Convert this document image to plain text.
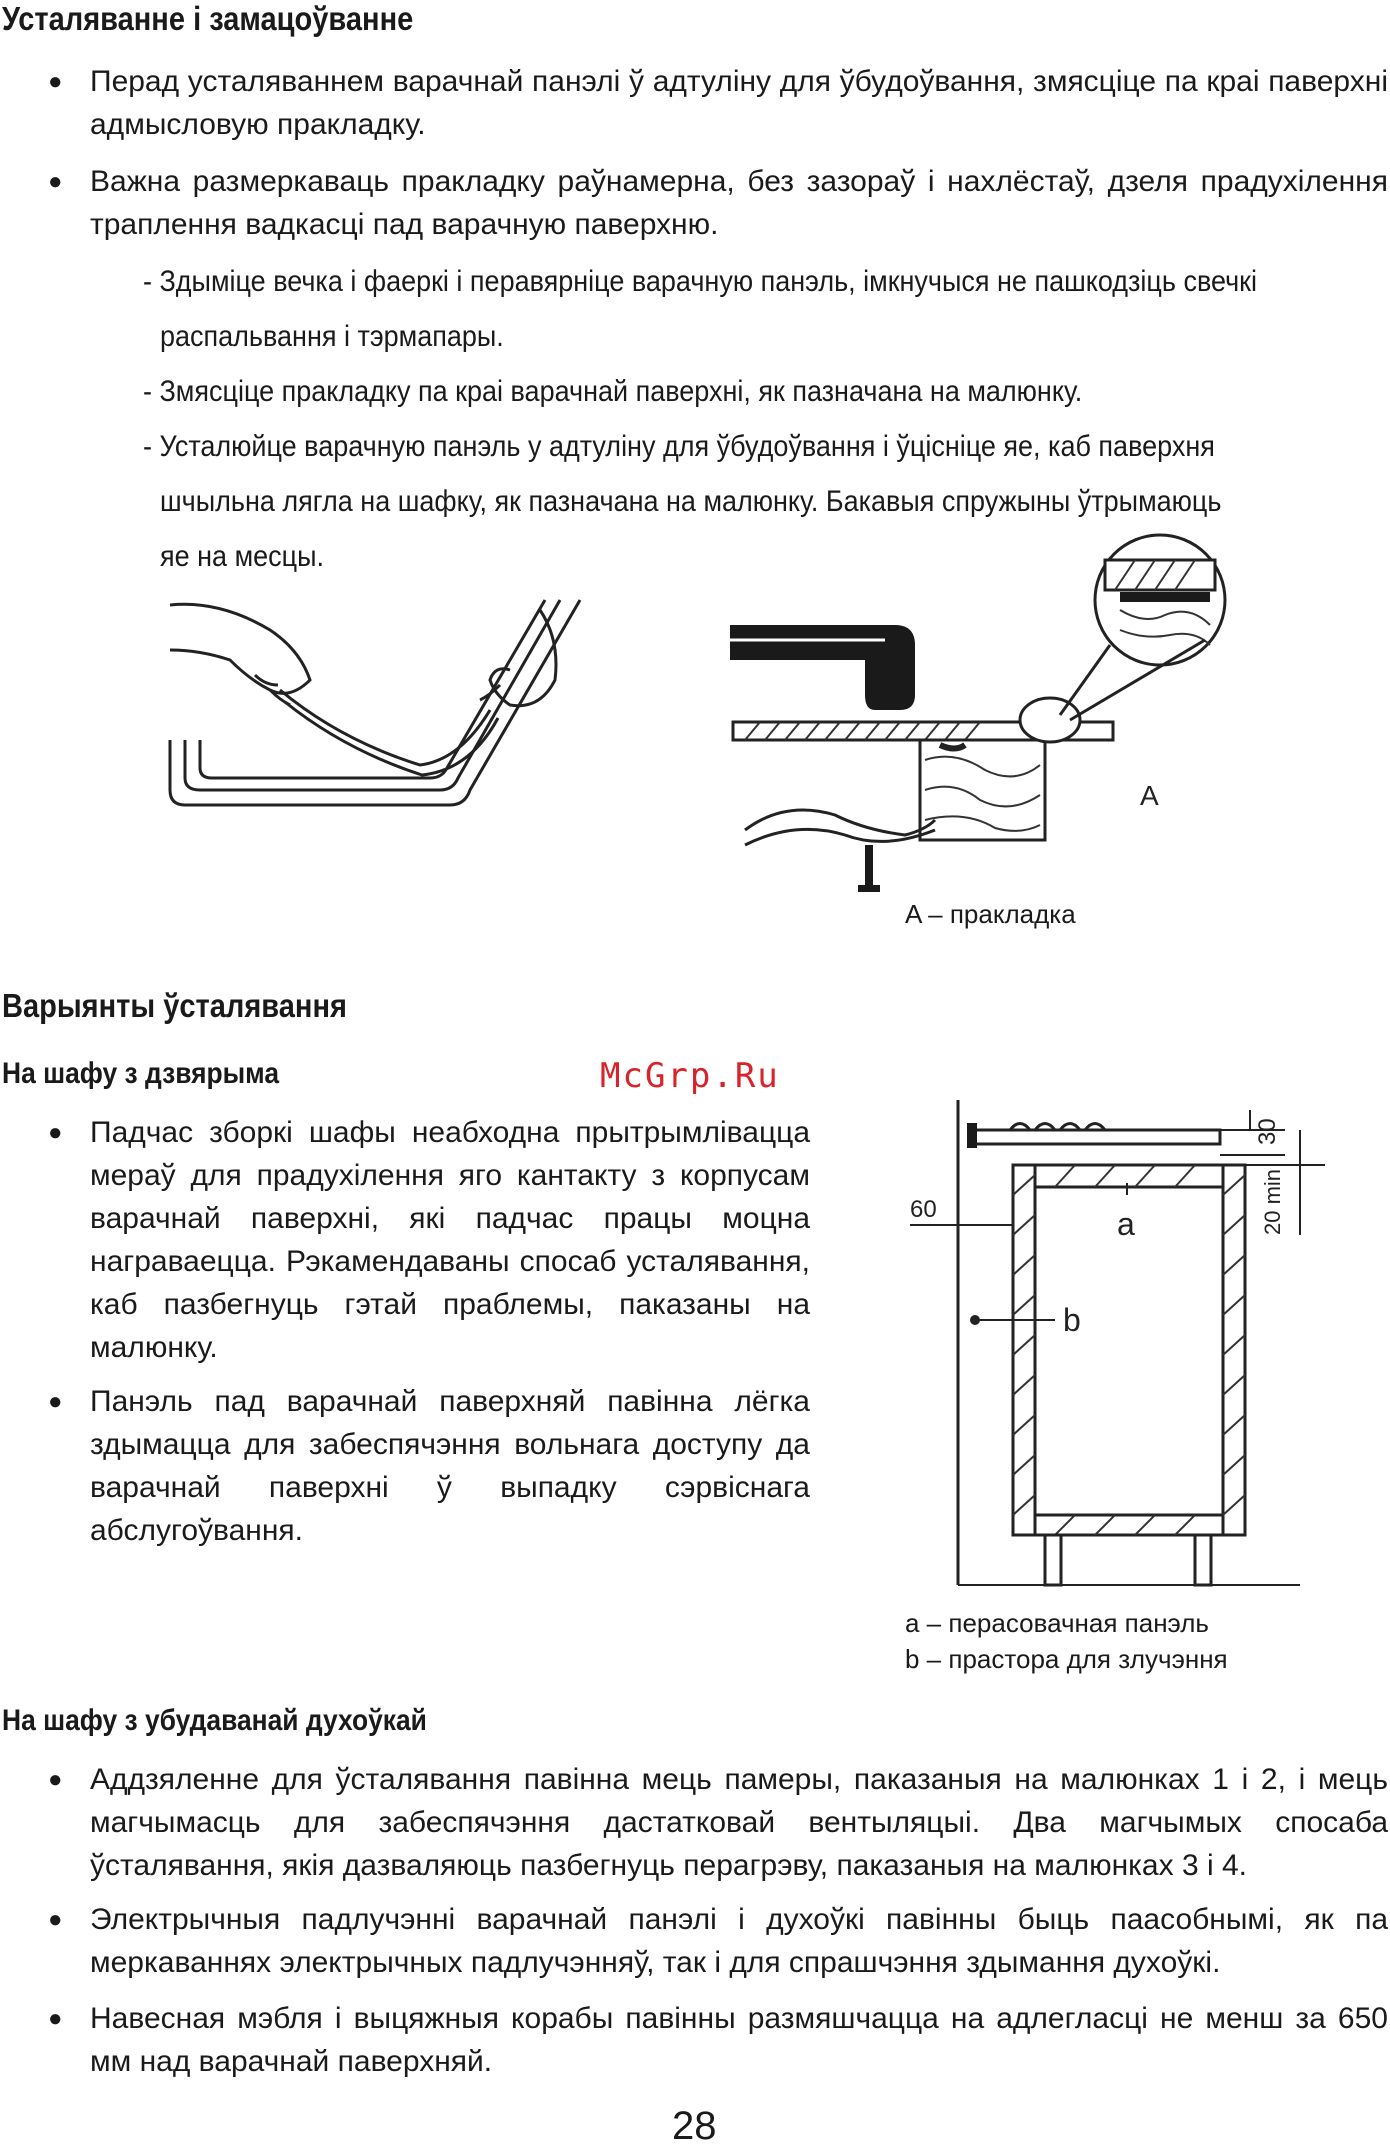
Усталяванне і замацоўванне
● Перад усталяваннем варачнай панэлі ў адтуліну для ўбудоўвання, змясціце па краі паверхні адмысловую пракладку.
● Важна размеркаваць пракладку раўнамерна, без зазораў і нахлёстаў, дзеля прадухілення траплення вадкасці пад варачную паверхню.
- Здыміце вечка і фаеркі і перавярніце варачную панэль, імкнучыся не пашкодзіць свечкі
распальвання і тэрмапары.
- Змясціце пракладку па краі варачнай паверхні, як пазначана на малюнку.
- Усталюйце варачную панэль у адтуліну для ўбудоўвання і ўціснiце яе, каб паверхня
шчыльна лягла на шафку, як пазначана на малюнку. Бакавыя спружыны ўтрымаюць
яе на месцы.
A
A – пракладка
Варыянты ўсталявання
На шафу з дзвярыма	McGrp.Ru
● Падчас зборкі шафы неабходна прытрымлівацца мераў для прадухілення яго кантакту з корпусам варачнай паверхні, які падчас працы моцна награваецца. Рэкамендаваны спосаб усталявання, каб пазбегнуць гэтай праблемы, паказаны на малюнку.
● Панэль пад варачнай паверхняй павінна лёгка здымацца для забеспячэння вольнага доступу да варачнай паверхні ў выпадку сэрвіснага абслугоўвання.
30
20 min
60	a
b
a – перасовачная панэль
b – прастора для злучэння
На шафу з убудаванай духоўкай
● Аддзяленне для ўсталявання павінна мець памеры, паказаныя на малюнках 1 і 2, і мець магчымасць для забеспячэння дастатковай вентыляцыі. Два магчымых спосаба ўсталявання, якія дазваляюць пазбегнуць перагрэву, паказаныя на малюнках 3 і 4.
● Электрычныя падлучэнні варачнай панэлі і духоўкі павінны быць паасобнымі, як па меркаваннях электрычных падлучэнняў, так і для спрашчэння здымання духоўкі.
● Навесная мэбля і выцяжныя корабы павінны размяшчацца на адлегласці не менш за 650 мм над варачнай паверхняй.
28
